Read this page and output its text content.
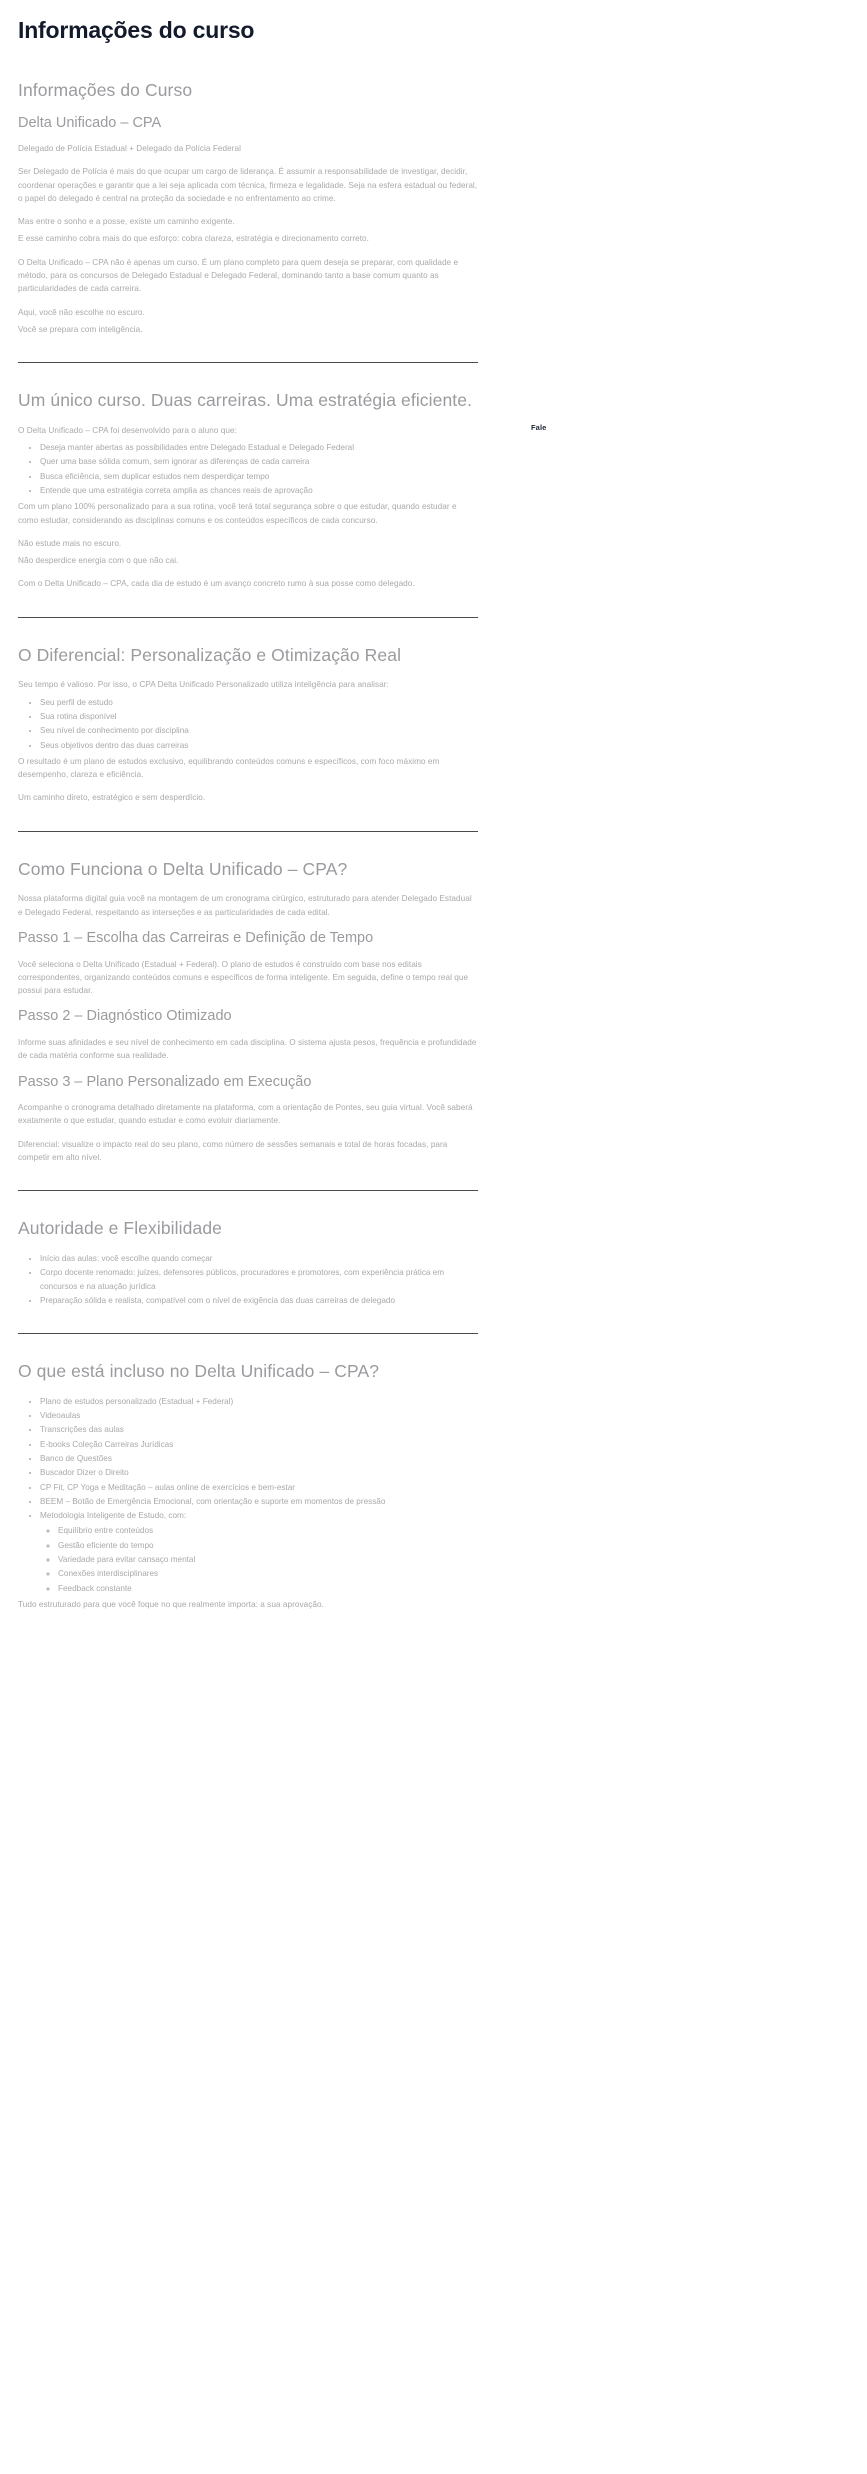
Informações do curso
Informações do Curso
Delta Unificado – CPA

Delegado de Polícia Estadual + Delegado da Polícia Federal

Ser Delegado de Polícia é mais do que ocupar um cargo de liderança. É assumir a responsabilidade de investigar, decidir, coordenar operações e garantir que a lei seja aplicada com técnica, firmeza e legalidade. Seja na esfera estadual ou federal, o papel do delegado é central na proteção da sociedade e no enfrentamento ao crime.

Mas entre o sonho e a posse, existe um caminho exigente.

E esse caminho cobra mais do que esforço: cobra clareza, estratégia e direcionamento correto.

O Delta Unificado – CPA não é apenas um curso. É um plano completo para quem deseja se preparar, com qualidade e método, para os concursos de Delegado Estadual e Delegado Federal, dominando tanto a base comum quanto as particularidades de cada carreira.

Aqui, você não escolhe no escuro.

Você se prepara com inteligência.

Um único curso. Duas carreiras. Uma estratégia eficiente.

O Delta Unificado – CPA foi desenvolvido para o aluno que:

• Deseja manter abertas as possibilidades entre Delegado Estadual e Delegado Federal
• Quer uma base sólida comum, sem ignorar as diferenças de cada carreira
• Busca eficiência, sem duplicar estudos nem desperdiçar tempo
• Entende que uma estratégia correta amplia as chances reais de aprovação

Com um plano 100% personalizado para a sua rotina, você terá total segurança sobre o que estudar, quando estudar e como estudar, considerando as disciplinas comuns e os conteúdos específicos de cada concurso.

Não estude mais no escuro.

Não desperdice energia com o que não cai.

Com o Delta Unificado – CPA, cada dia de estudo é um avanço concreto rumo à sua posse como delegado.

O Diferencial: Personalização e Otimização Real

Seu tempo é valioso. Por isso, o CPA Delta Unificado Personalizado utiliza inteligência para analisar:

• Seu perfil de estudo
• Sua rotina disponível
• Seu nível de conhecimento por disciplina
• Seus objetivos dentro das duas carreiras

O resultado é um plano de estudos exclusivo, equilibrando conteúdos comuns e específicos, com foco máximo em desempenho, clareza e eficiência.

Um caminho direto, estratégico e sem desperdício.

Como Funciona o Delta Unificado – CPA?

Nossa plataforma digital guia você na montagem de um cronograma cirúrgico, estruturado para atender Delegado Estadual e Delegado Federal, respeitando as interseções e as particularidades de cada edital.

Passo 1 – Escolha das Carreiras e Definição de Tempo

Você seleciona o Delta Unificado (Estadual + Federal). O plano de estudos é construído com base nos editais correspondentes, organizando conteúdos comuns e específicos de forma inteligente. Em seguida, define o tempo real que possui para estudar.

Passo 2 – Diagnóstico Otimizado

Informe suas afinidades e seu nível de conhecimento em cada disciplina. O sistema ajusta pesos, frequência e profundidade de cada matéria conforme sua realidade.

Passo 3 – Plano Personalizado em Execução

Acompanhe o cronograma detalhado diretamente na plataforma, com a orientação de Pontes, seu guia virtual. Você saberá exatamente o que estudar, quando estudar e como evoluir diariamente.

Diferencial: visualize o impacto real do seu plano, como número de sessões semanais e total de horas focadas, para competir em alto nível.

Autoridade e Flexibilidade
• Início das aulas: você escolhe quando começar
• Corpo docente renomado: juízes, defensores públicos, procuradores e promotores, com experiência prática em concursos e na atuação jurídica
• Preparação sólida e realista, compatível com o nível de exigência das duas carreiras de delegado
O que está incluso no Delta Unificado – CPA?
• Plano de estudos personalizado (Estadual + Federal)
• Videoaulas
• Transcrições das aulas
• E-books Coleção Carreiras Jurídicas
• Banco de Questões
• Buscador Dizer o Direito
• CP Fit, CP Yoga e Meditação – aulas online de exercícios e bem-estar
• BEEM – Botão de Emergência Emocional, com orientação e suporte em momentos de pressão
• Metodologia Inteligente de Estudo, com:
◦ Equilíbrio entre conteúdos
◦ Gestão eficiente do tempo
◦ Variedade para evitar cansaço mental
◦ Conexões interdisciplinares
◦ Feedback constante

Tudo estruturado para que você foque no que realmente importa: a sua aprovação.

Fale
